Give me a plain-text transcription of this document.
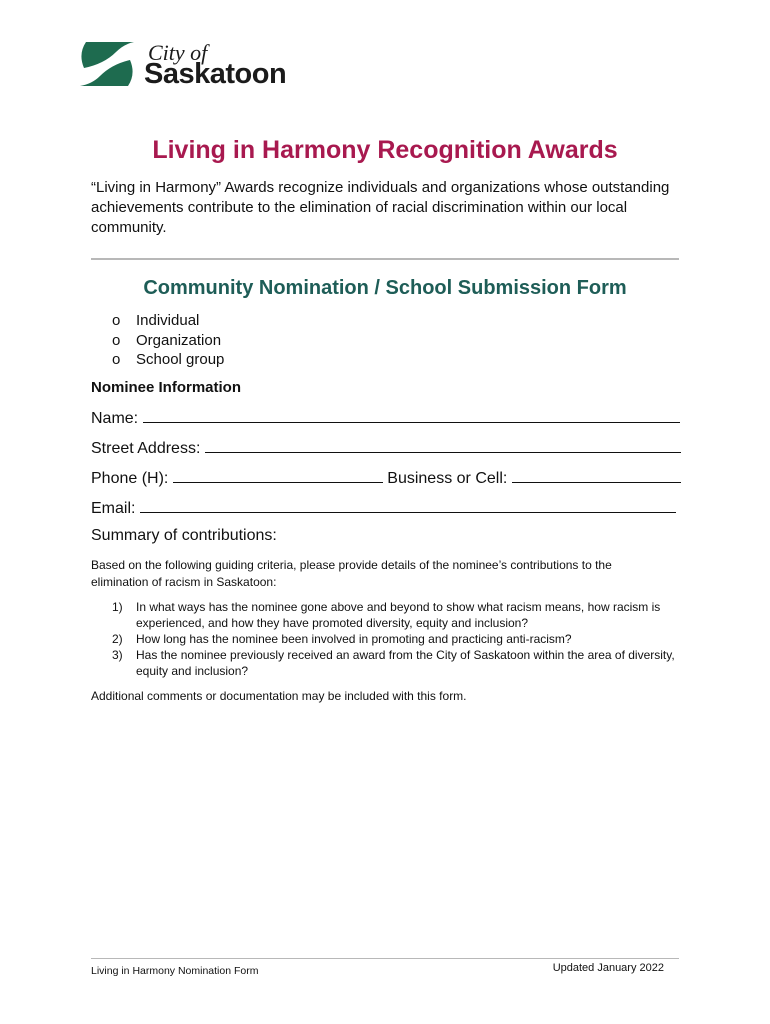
City of
Saskatoon
Living in Harmony Recognition Awards
“Living in Harmony” Awards recognize individuals and organizations whose outstanding achievements contribute to the elimination of racial discrimination within our local community.
Community Nomination / School Submission Form
o Individual
o Organization
o School group
Nominee Information
Name:
Street Address:
Phone (H):	Business or Cell:
Email:
Summary of contributions:
Based on the following guiding criteria, please provide details of the nominee’s contributions to the elimination of racism in Saskatoon:
1) In what ways has the nominee gone above and beyond to show what racism means, how racism is experienced, and how they have promoted diversity, equity and inclusion?
2) How long has the nominee been involved in promoting and practicing anti-racism?
3) Has the nominee previously received an award from the City of Saskatoon within the area of diversity, equity and inclusion?
Additional comments or documentation may be included with this form.
Living in Harmony Nomination Form	Updated January 2022
